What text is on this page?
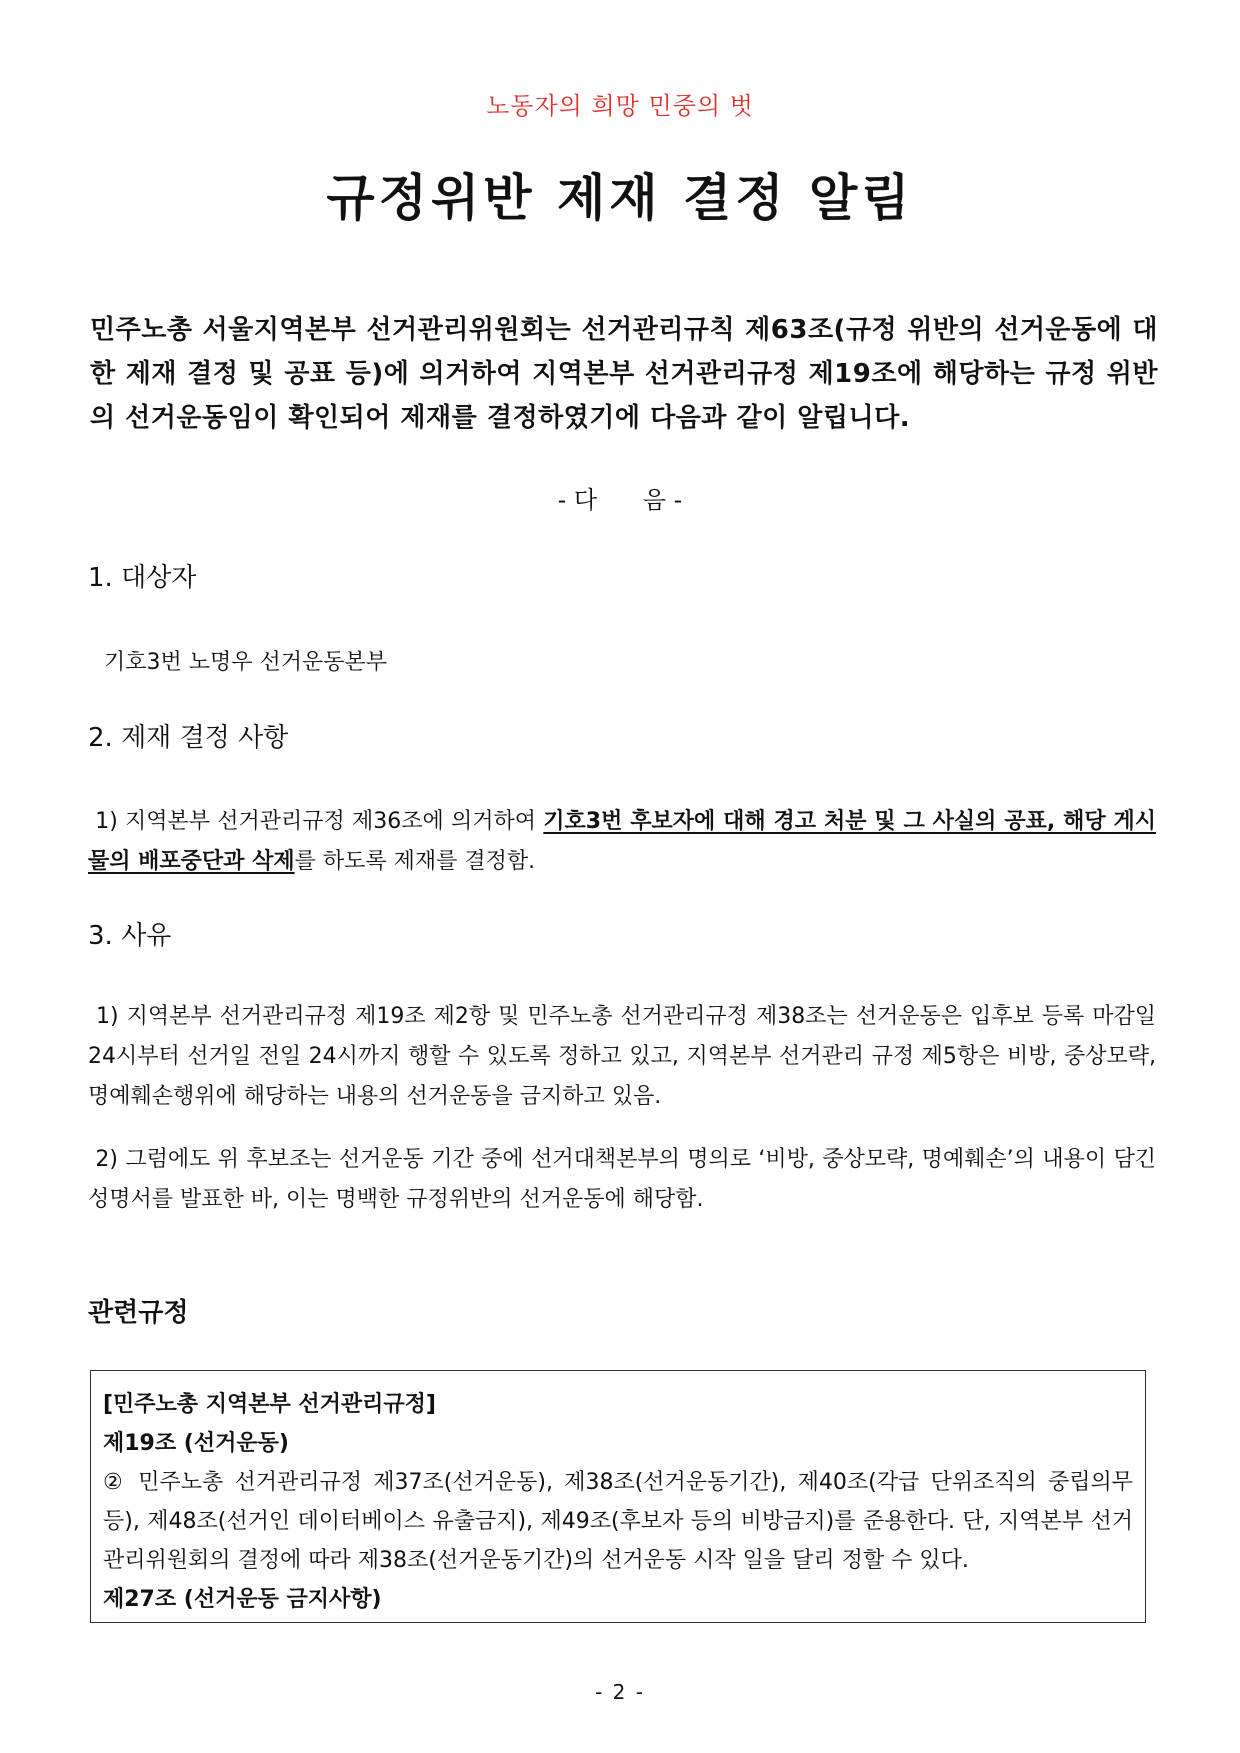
노동자의 희망 민중의 벗
규정위반 제재 결정 알림

민주노총 서울지역본부 선거관리위원회는 선거관리규칙 제63조(규정 위반의 선거운동에 대한 제재 결정 및 공표 등)에 의거하여 지역본부 선거관리규정 제19조에 해당하는 규정 위반의 선거운동임이 확인되어 제재를 결정하였기에 다음과 같이 알립니다.

- 다      음 -

1. 대상자

기호3번 노명우 선거운동본부

2. 제재 결정 사항

1) 지역본부 선거관리규정 제36조에 의거하여 기호3번 후보자에 대해 경고 처분 및 그 사실의 공표, 해당 게시물의 배포중단과 삭제를 하도록 제재를 결정함.

3. 사유

1) 지역본부 선거관리규정 제19조 제2항 및 민주노총 선거관리규정 제38조는 선거운동은 입후보 등록 마감일 24시부터 선거일 전일 24시까지 행할 수 있도록 정하고 있고, 지역본부 선거관리 규정 제5항은 비방, 중상모략, 명예훼손행위에 해당하는 내용의 선거운동을 금지하고 있음.

2) 그럼에도 위 후보조는 선거운동 기간 중에 선거대책본부의 명의로 ‘비방, 중상모략, 명예훼손’의 내용이 담긴 성명서를 발표한 바, 이는 명백한 규정위반의 선거운동에 해당함.

관련규정

[민주노총 지역본부 선거관리규정]

제19조 (선거운동)

② 민주노총 선거관리규정 제37조(선거운동), 제38조(선거운동기간), 제40조(각급 단위조직의 중립의무 등), 제48조(선거인 데이터베이스 유출금지), 제49조(후보자 등의 비방금지)를 준용한다. 단, 지역본부 선거관리위원회의 결정에 따라 제38조(선거운동기간)의 선거운동 시작 일을 달리 정할 수 있다.

제27조 (선거운동 금지사항)

- 2 -
